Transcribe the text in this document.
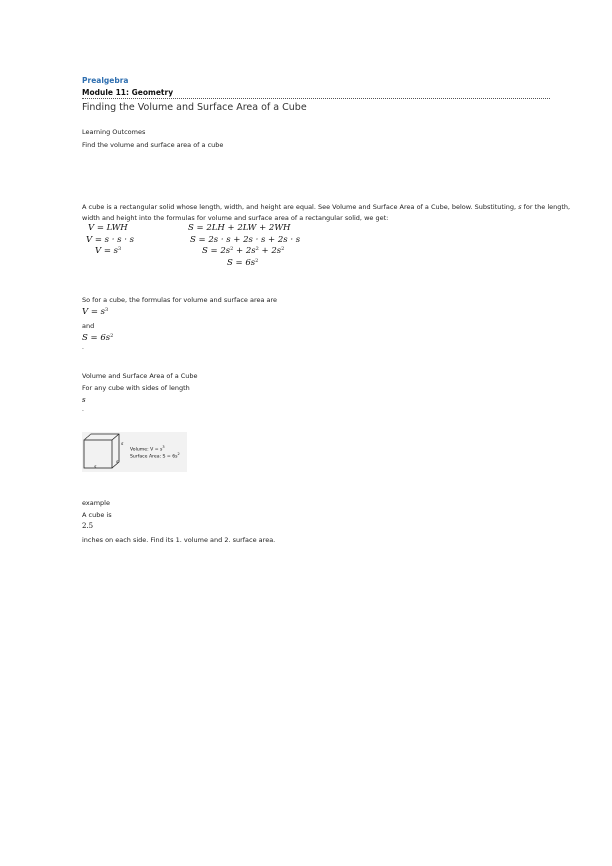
Prealgebra
Module 11: Geometry
Finding the Volume and Surface Area of a Cube
Learning Outcomes
Find the volume and surface area of a cube
A cube is a rectangular solid whose length, width, and height are equal. See Volume and Surface Area of a Cube, below. Substituting, s for the length, width and height into the formulas for volume and surface area of a rectangular solid, we get:
V = LWH
V = s · s · s
$V = s^3$
S = 2LH + 2LW + 2WH
S = 2s · s + 2s · s + 2s · s
$S = 2s^2 + 2s^2 + 2s^2$
$S = 6s^2$
So for a cube, the formulas for volume and surface area are
$V = s^3$
and
$S = 6s^2$
.
Volume and Surface Area of a Cube
For any cube with sides of length
s
.
s
s
s
Volume: $V = s^3$
Surface Area: $S = 6s^2$
example
A cube is
2.5
inches on each side. Find its 1. volume and 2. surface area.
